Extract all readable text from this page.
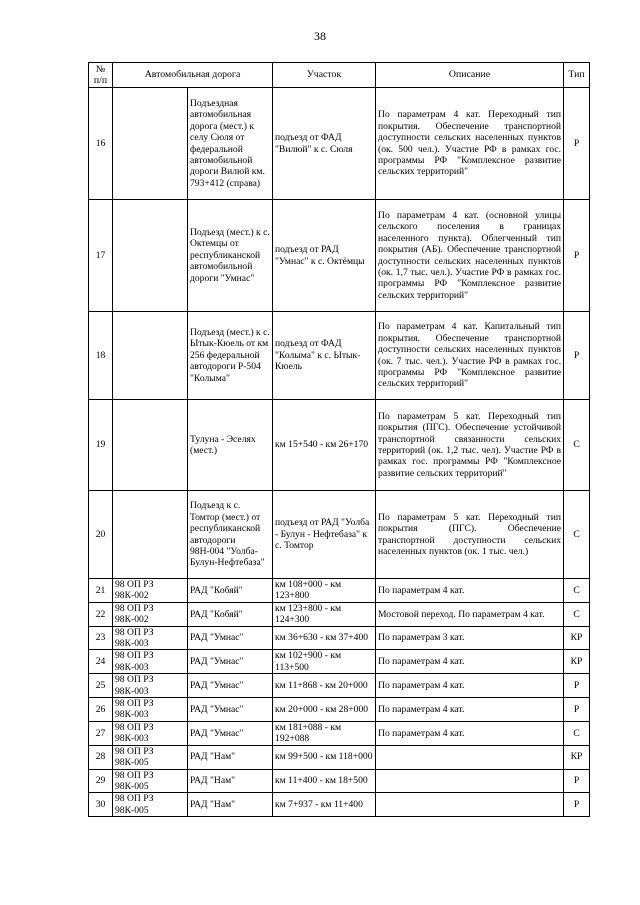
38
№ п/п	Автомобильная дорога		Участок	Описание	Тип
16		Подъездная автомобильная дорога (мест.) к селу Сюля от федеральной автомобильной дороги Вилюй км. 793+412 (справа)	подъезд от ФАД "Вилюй" к с. Сюля	По параметрам 4 кат. Переходный тип покрытия. Обеспечение транспортной доступности сельских населенных пунктов (ок. 500 чел.). Участие РФ в рамках гос. программы РФ "Комплексное развитие сельских территорий"	Р
17		Подъезд (мест.) к с. Октемцы от республиканской автомобильной дороги "Умнас"	подъезд от РАД "Умнас" к с. Октёмцы	По параметрам 4 кат. (основной улицы сельского поселения в границах населенного пункта). Облегченный тип покрытия (АБ). Обеспечение транспортной доступности сельских населенных пунктов (ок. 1,7 тыс. чел.). Участие РФ в рамках гос. программы РФ "Комплексное развитие сельских территорий"	Р
18		Подъезд (мест.) к с. Ытык-Кюель от км 256 федеральной автодороги Р-504 "Колыма"	подъезд от ФАД "Колыма" к с. Ытык-Кюель	По параметрам 4 кат. Капитальный тип покрытия. Обеспечение транспортной доступности сельских населенных пунктов (ок. 7 тыс. чел.). Участие РФ в рамках гос. программы РФ "Комплексное развитие сельских территорий"	Р
19		Тулуна - Эселях (мест.)	км 15+540 - км 26+170	По параметрам 5 кат. Переходный тип покрытия (ПГС). Обеспечение устойчивой транспортной связанности сельских территорий (ок. 1,2 тыс. чел). Участие РФ в рамках гос. программы РФ "Комплексное развитие сельских территорий"	С
20		Подъезд к с. Томтор (мест.) от республиканской автодороги 98Н-004 "Уолба-Булун-Нефтебаза"	подъезд от РАД "Уолба - Булун - Нефтебаза" к с. Томтор	По параметрам 5 кат. Переходный тип покрытия (ПГС). Обеспечение транспортной доступности сельских населенных пунктов (ок. 1 тыс. чел.)	С
21	98 ОП РЗ 98К-002	РАД "Кобяй"	км 108+000 - км 123+800	По параметрам 4 кат.	С
22	98 ОП РЗ 98К-002	РАД "Кобяй"	км 123+800 - км 124+300	Мостовой переход. По параметрам 4 кат.	С
23	98 ОП РЗ 98К-003	РАД "Умнас"	км 36+630 - км 37+400	По параметрам 3 кат.	КР
24	98 ОП РЗ 98К-003	РАД "Умнас"	км 102+900 - км 113+500	По параметрам 4 кат.	КР
25	98 ОП РЗ 98К-003	РАД "Умнас"	км 11+868 - км 20+000	По параметрам 4 кат.	Р
26	98 ОП РЗ 98К-003	РАД "Умнас"	км 20+000 - км 28+000	По параметрам 4 кат.	Р
27	98 ОП РЗ 98К-003	РАД "Умнас"	км 181+088 - км 192+088	По параметрам 4 кат.	С
28	98 ОП РЗ 98К-005	РАД "Нам"	км 99+500 - км 118+000		КР
29	98 ОП РЗ 98К-005	РАД "Нам"	км 11+400 - км 18+500		Р
30	98 ОП РЗ 98К-005	РАД "Нам"	км 7+937 - км 11+400		Р
